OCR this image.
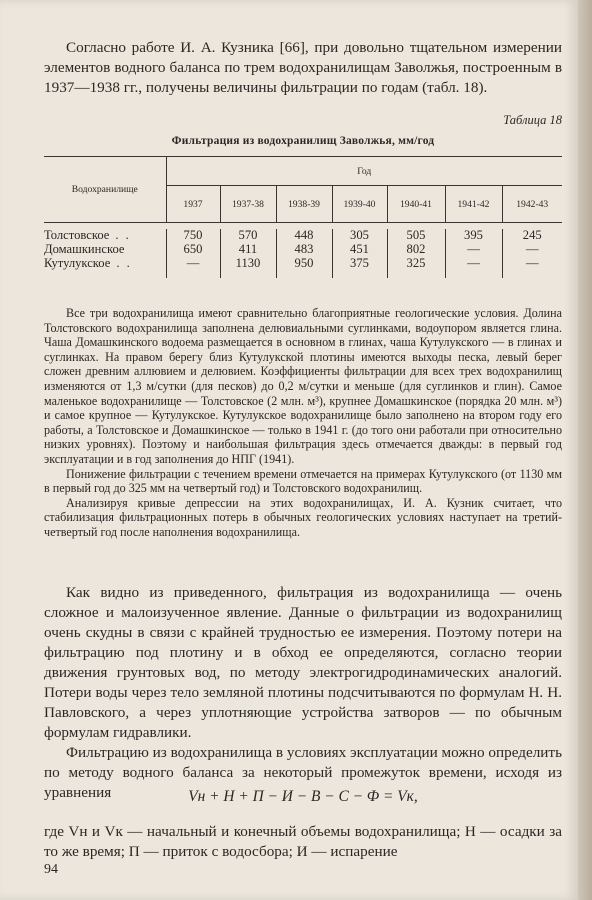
Согласно работе И. А. Кузника [66], при довольно тщательном измерении элементов водного баланса по трем водохранилищам Заволжья, построенным в 1937—1938 гг., получены величины фильтрации по годам (табл. 18).

Таблица 18
Фильтрация из водохранилищ Заволжья, мм/год
Водохранилище	Год						
	1937	1937-38	1938-39	1939-40	1940-41	1941-42	1942-43

Толстовское . .	750	570	448	305	505	395	245
Домашкинское	650	411	483	451	802	—	—
Кутулукское . .	—	1130	950	375	325	—	—

Все три водохранилища имеют сравнительно благоприятные геологические условия. Долина Толстовского водохранилища заполнена делювиальными суглинками, водоупором является глина. Чаша Домашкинского водоема размещается в основном в глинах, чаша Кутулукского — в глинах и суглинках. На правом берегу близ Кутулукской плотины имеются выходы песка, левый берег сложен древним аллювием и делювием. Коэффициенты фильтрации для всех трех водохранилищ изменяются от 1,3 м/сутки (для песков) до 0,2 м/сутки и меньше (для суглинков и глин). Самое маленькое водохранилище — Толстовское (2 млн. м³), крупнее Домашкинское (порядка 20 млн. м³) и самое крупное — Кутулукское. Кутулукское водохранилище было заполнено на втором году его работы, а Толстовское и Домашкинское — только в 1941 г. (до того они работали при относительно низких уровнях). Поэтому и наибольшая фильтрация здесь отмечается дважды: в первый год эксплуатации и в год заполнения до НПГ (1941).

Понижение фильтрации с течением времени отмечается на примерах Кутулукского (от 1130 мм в первый год до 325 мм на четвертый год) и Толстовского водохранилищ.

Анализируя кривые депрессии на этих водохранилищах, И. А. Кузник считает, что стабилизация фильтрационных потерь в обычных геологических условиях наступает на третий-четвертый год после наполнения водохранилища.

Как видно из приведенного, фильтрация из водохранилища — очень сложное и малоизученное явление. Данные о фильтрации из водохранилищ очень скудны в связи с крайней трудностью ее измерения. Поэтому потери на фильтрацию под плотину и в обход ее определяются, согласно теории движения грунтовых вод, по методу электрогидродинамических аналогий. Потери воды через тело земляной плотины подсчитываются по формулам Н. Н. Павловского, а через уплотняющие устройства затворов — по обычным формулам гидравлики.

Фильтрацию из водохранилища в условиях эксплуатации можно определить по методу водного баланса за некоторый промежуток времени, исходя из уравнения	Vн + H + П − И − B − C − Ф = Vк,

где Vн и Vк — начальный и конечный объемы водохранилища; H — осадки за то же время; П — приток с водосбора; И — испарение

94
